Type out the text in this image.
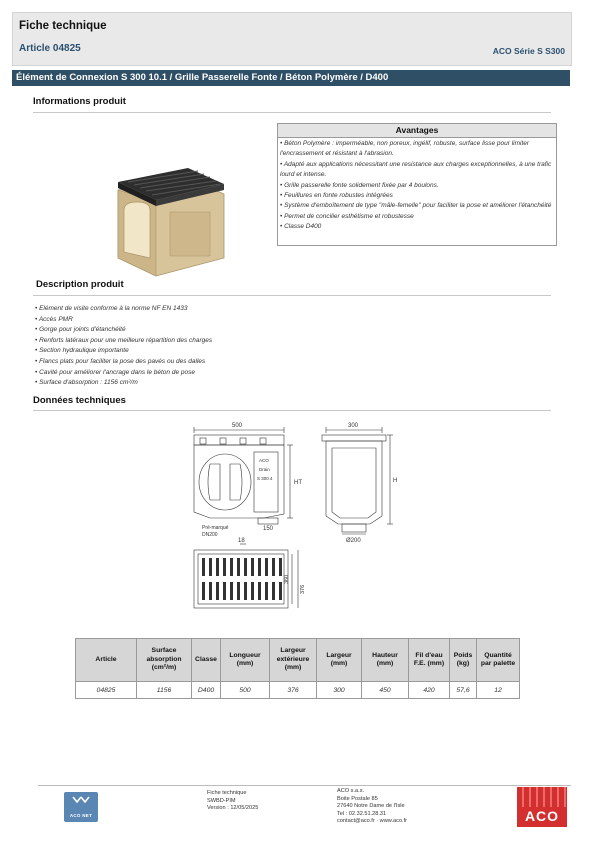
Fiche technique
Article 04825	ACO Série S S300
Élément de Connexion S 300 10.1 / Grille Passerelle Fonte / Béton Polymère / D400
Informations produit
Avantages
• Béton Polymère : imperméable, non poreux, ingélif, robuste, surface lisse pour limiter l'encrassement et résistant à l'abrasion.
• Adapté aux applications nécessitant une resistance aux charges exceptionnelles, à une trafic lourd et intense.
• Grille passerelle fonte solidement fixée par 4 boulons.
• Feuillures en fonte robustes intégrées
• Système d'emboîtement de type "mâle-femelle" pour faciliter la pose et améliorer l'étanchéité
• Permet de concilier esthétisme et robustesse
• Classe D400
Description produit
• Elément de visite conforme à la norme NF EN 1433
• Accès PMR
• Gorge pour joints d'étanchéité
• Renforts latéraux pour une meilleure répartition des charges
• Section hydraulique importante
• Flancs plats pour faciliter la pose des pavés ou des dalles
• Cavité pour améliorer l'ancrage dans le béton de pose
• Surface d'absorption : 1156 cm²/m
Données techniques
500
HT
ACO
Drain
S 300.4
Pré-marqué
DN200
150
300
H
Ø200
18
360
376
Article	Surface absorption (cm²/m)	Classe	Longueur (mm)	Largeur extérieure (mm)	Largeur (mm)	Hauteur (mm)	Fil d'eau F.E. (mm)	Poids (kg)	Quantité par palette
04825	1156	D400	500	376	300	450	420	57,6	12
ACO NET
Fiche technique
SWBD-PIM
Version : 12/05/2025
ACO s.a.s.
Boite Postale 85
27640 Notre Dame de l'Isle
Tel : 02.32.51.28.31
contact@aco.fr · www.aco.fr	ACO
